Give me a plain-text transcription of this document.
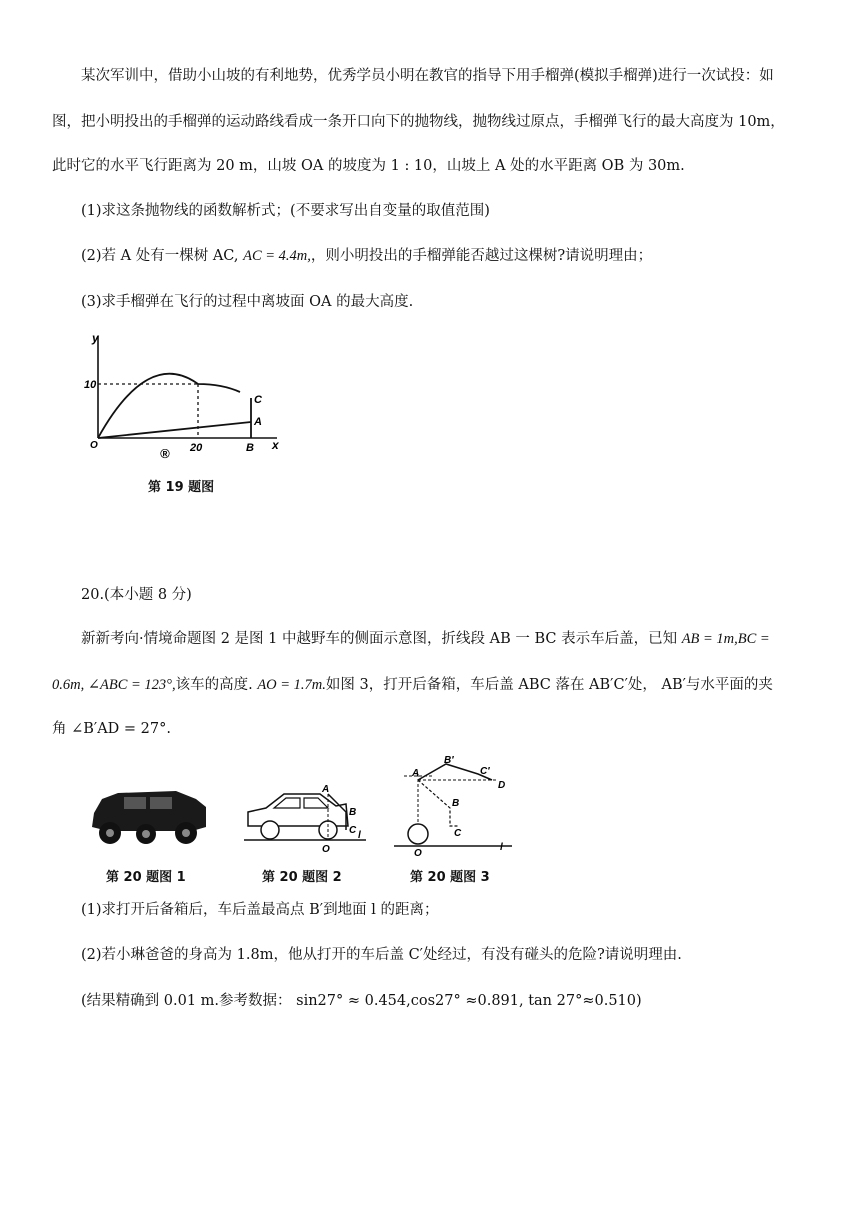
某次军训中，借助小山坡的有利地势，优秀学员小明在教官的指导下用手榴弹(模拟手榴弹)进行一次试投：如
图，把小明投出的手榴弹的运动路线看成一条开口向下的抛物线，抛物线过原点，手榴弹飞行的最大高度为 10m，
此时它的水平飞行距离为 20 m，山坡 OA 的坡度为 1 : 10，山坡上 A 处的水平距离 OB 为 30m.
(1)求这条抛物线的函数解析式；(不要求写出自变量的取值范围)
(2)若 A 处有一棵树 AC, AC = 4.4m,，则小明投出的手榴弹能否越过这棵树?请说明理由；
(3)求手榴弹在飞行的过程中离坡面 OA 的最大高度.
y
x
10
20	B
A
C
O
®
第 19 题图
20.(本小题 8 分)
新新考向·情境命题图 2 是图 1 中越野车的侧面示意图，折线段 AB 一 BC 表示车后盖，已知 AB = 1m,BC =
0.6m, ∠ABC = 123°,该车的高度. AO = 1.7m.如图 3，打开后备箱，车后盖 ABC 落在 AB′C′处， AB′与水平面的夹
角 ∠B′AD = 27°.
第 20 题图 1
A
B
C
O
l
第 20 题图 2
A
B′
C′
D
B
C
O
l
第 20 题图 3
(1)求打开后备箱后，车后盖最高点 B′到地面 l 的距离；
(2)若小琳爸爸的身高为 1.8m，他从打开的车后盖 C′处经过，有没有碰头的危险?请说明理由.
(结果精确到 0.01 m.参考数据： sin27° ≈ 0.454,cos27° ≈0.891, tan 27°≈0.510)
